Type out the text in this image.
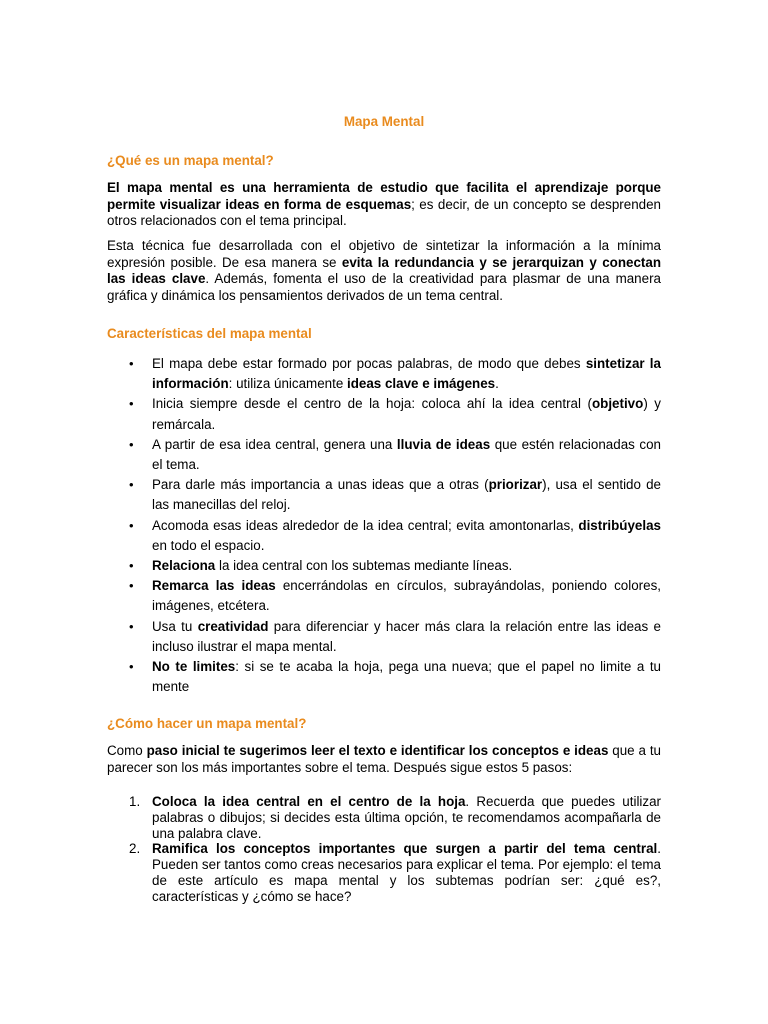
Mapa Mental
¿Qué es un mapa mental?

El mapa mental es una herramienta de estudio que facilita el aprendizaje porque permite visualizar ideas en forma de esquemas; es decir, de un concepto se desprenden otros relacionados con el tema principal.

Esta técnica fue desarrollada con el objetivo de sintetizar la información a la mínima expresión posible. De esa manera se evita la redundancia y se jerarquizan y conectan las ideas clave. Además, fomenta el uso de la creatividad para plasmar de una manera gráfica y dinámica los pensamientos derivados de un tema central.

Características del mapa mental
• El mapa debe estar formado por pocas palabras, de modo que debes sintetizar la información: utiliza únicamente ideas clave e imágenes.
• Inicia siempre desde el centro de la hoja: coloca ahí la idea central (objetivo) y remárcala.
• A partir de esa idea central, genera una lluvia de ideas que estén relacionadas con el tema.
• Para darle más importancia a unas ideas que a otras (priorizar), usa el sentido de las manecillas del reloj.
• Acomoda esas ideas alrededor de la idea central; evita amontonarlas, distribúyelas en todo el espacio.
• Relaciona la idea central con los subtemas mediante líneas.
• Remarca las ideas encerrándolas en círculos, subrayándolas, poniendo colores, imágenes, etcétera.
• Usa tu creatividad para diferenciar y hacer más clara la relación entre las ideas e incluso ilustrar el mapa mental.
• No te limites: si se te acaba la hoja, pega una nueva; que el papel no limite a tu mente
¿Cómo hacer un mapa mental?

Como paso inicial te sugerimos leer el texto e identificar los conceptos e ideas que a tu parecer son los más importantes sobre el tema. Después sigue estos 5 pasos:

1. Coloca la idea central en el centro de la hoja. Recuerda que puedes utilizar palabras o dibujos; si decides esta última opción, te recomendamos acompañarla de una palabra clave.
2. Ramifica los conceptos importantes que surgen a partir del tema central. Pueden ser tantos como creas necesarios para explicar el tema. Por ejemplo: el tema de este artículo es mapa mental y los subtemas podrían ser: ¿qué es?, características y ¿cómo se hace?
